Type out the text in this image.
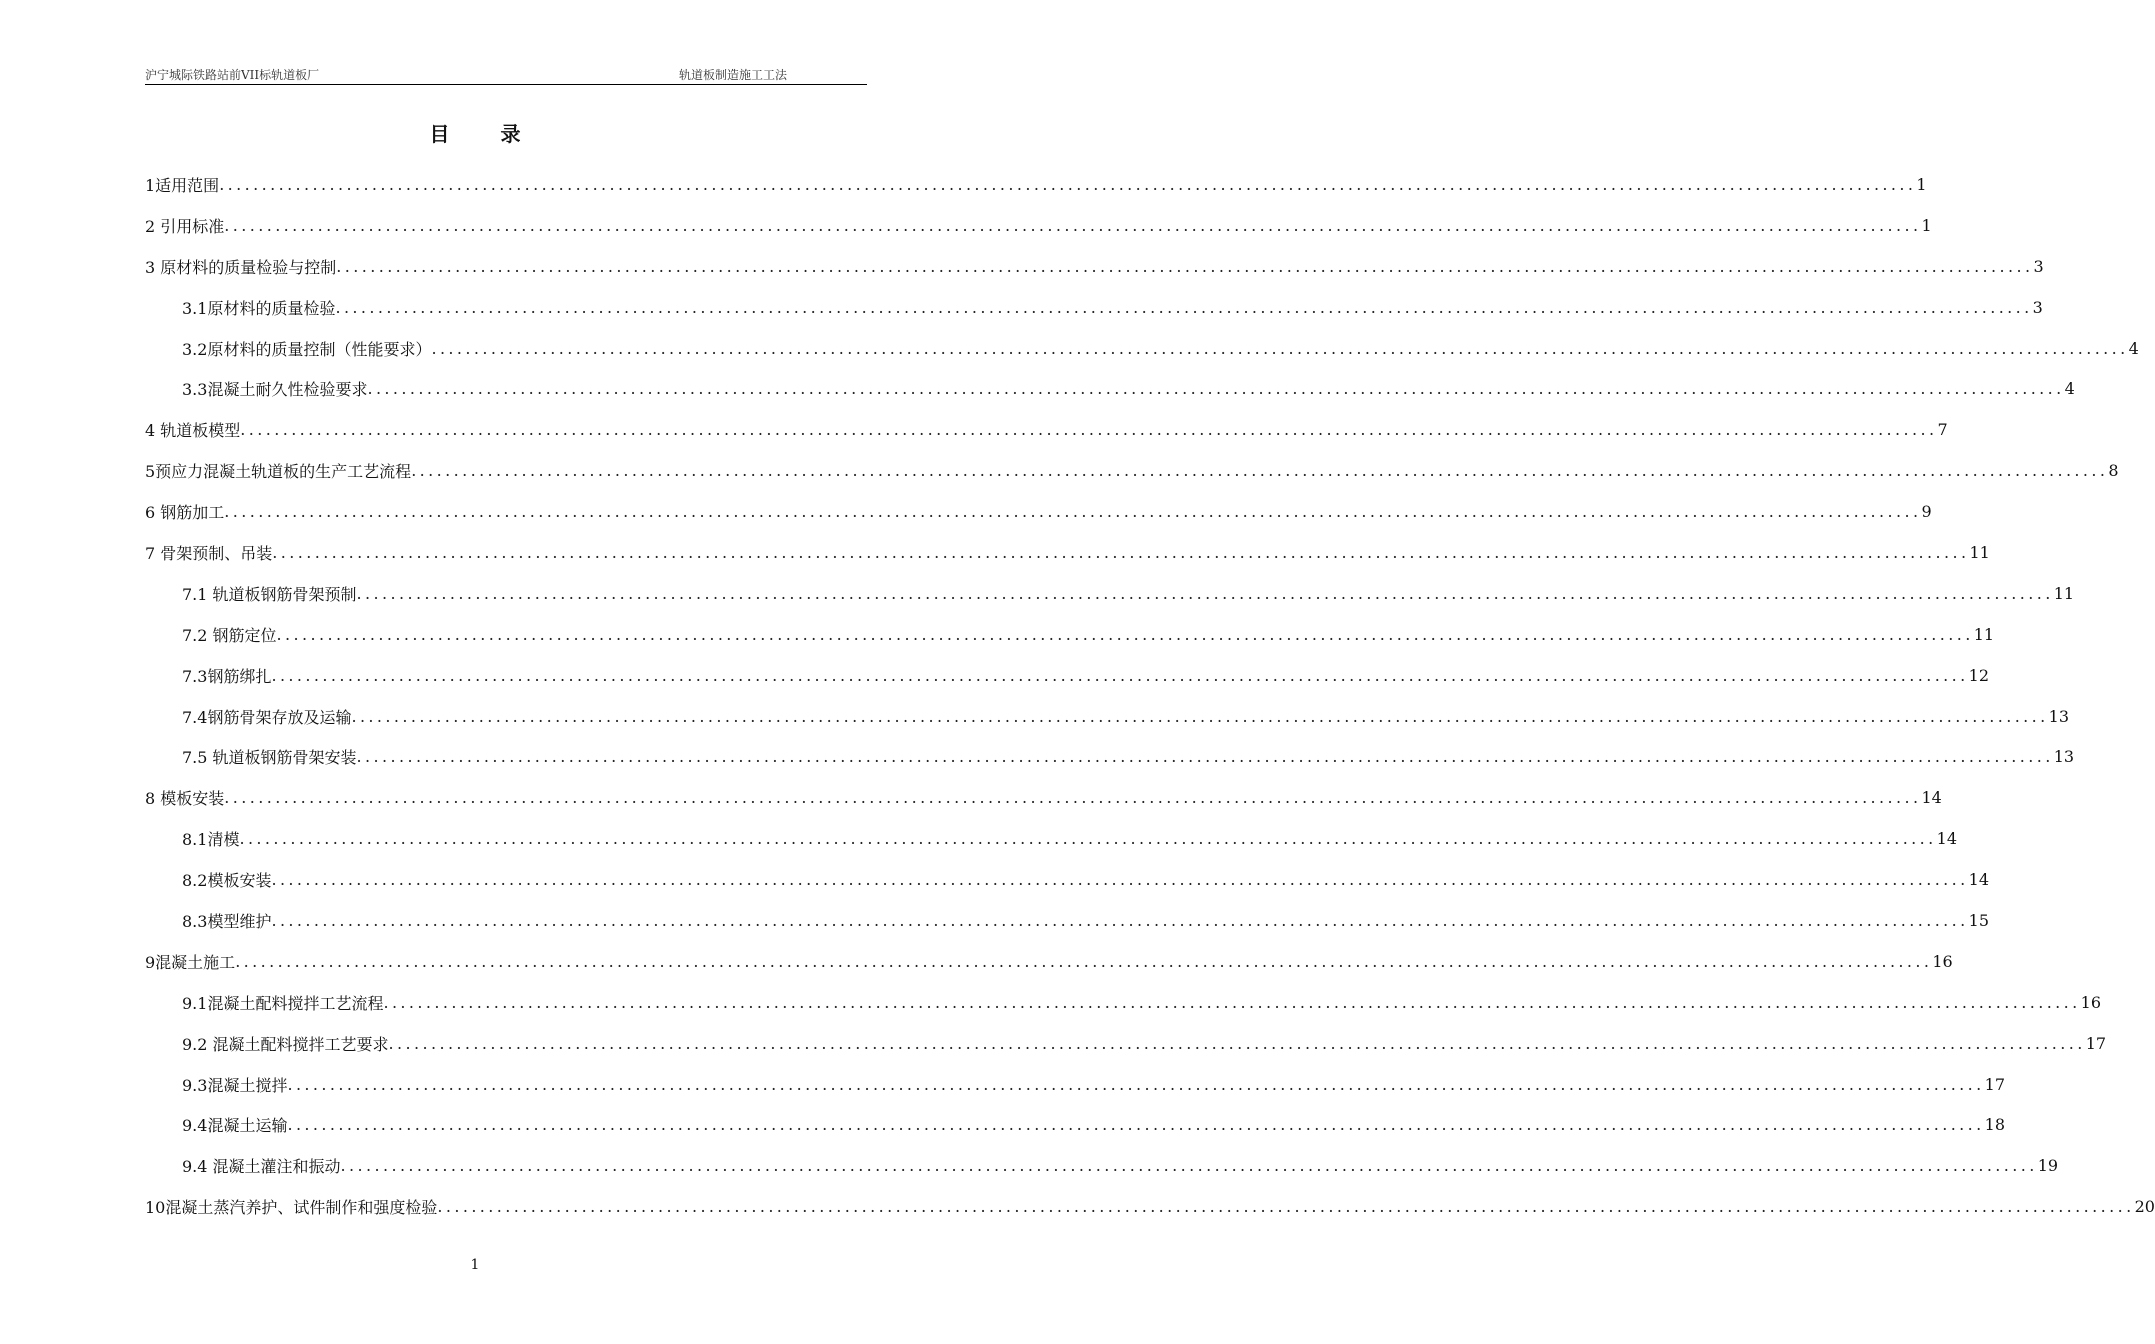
沪宁城际铁路站前VII标轨道板厂	轨道板制造施工工法
目 录
1适用范围 ........................................................................................................................................................................................................ 1
2 引用标准 ........................................................................................................................................................................................................ 1
3 原材料的质量检验与控制 ........................................................................................................................................................................................................ 3
3.1原材料的质量检验 ........................................................................................................................................................................................................ 3
3.2原材料的质量控制（性能要求） ........................................................................................................................................................................................................ 4
3.3混凝土耐久性检验要求 ........................................................................................................................................................................................................ 4
4 轨道板模型 ........................................................................................................................................................................................................ 7
5预应力混凝土轨道板的生产工艺流程 ........................................................................................................................................................................................................ 8
6 钢筋加工 ........................................................................................................................................................................................................ 9
7 骨架预制、吊装 ........................................................................................................................................................................................................ 11
7.1 轨道板钢筋骨架预制 ........................................................................................................................................................................................................ 11
7.2 钢筋定位 ........................................................................................................................................................................................................ 11
7.3钢筋绑扎 ........................................................................................................................................................................................................ 12
7.4钢筋骨架存放及运输 ........................................................................................................................................................................................................ 13
7.5 轨道板钢筋骨架安装 ........................................................................................................................................................................................................ 13
8 模板安装 ........................................................................................................................................................................................................ 14
8.1清模 ........................................................................................................................................................................................................ 14
8.2模板安装 ........................................................................................................................................................................................................ 14
8.3模型维护 ........................................................................................................................................................................................................ 15
9混凝土施工 ........................................................................................................................................................................................................ 16
9.1混凝土配料搅拌工艺流程 ........................................................................................................................................................................................................ 16
9.2 混凝土配料搅拌工艺要求 ........................................................................................................................................................................................................ 17
9.3混凝土搅拌 ........................................................................................................................................................................................................ 17
9.4混凝土运输 ........................................................................................................................................................................................................ 18
9.4 混凝土灌注和振动 ........................................................................................................................................................................................................ 19
10混凝土蒸汽养护、试件制作和强度检验 ........................................................................................................................................................................................................ 20
1
